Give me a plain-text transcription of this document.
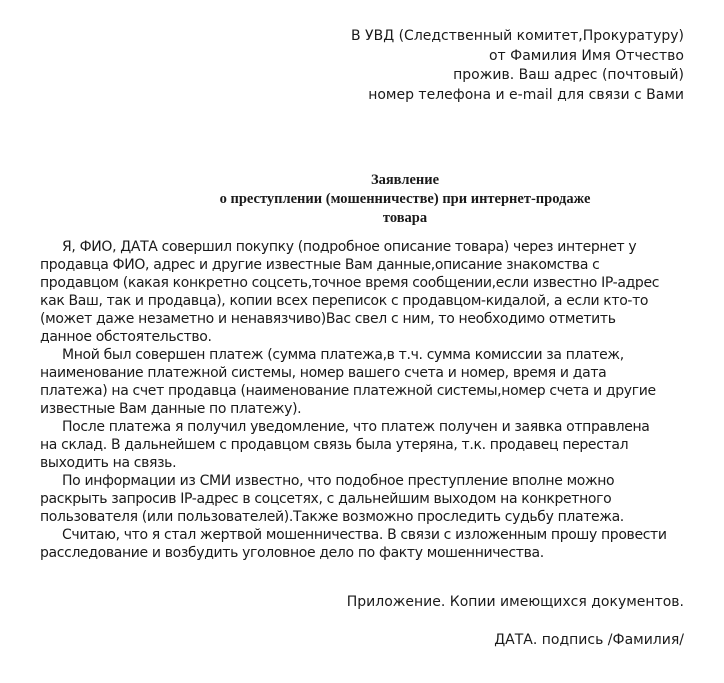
В УВД (Следственный комитет,Прокуратуру)
от Фамилия Имя Отчество
прожив. Ваш адрес (почтовый)
номер телефона и e-mail для связи с Вами
Заявление
о преступлении (мошенничестве) при интернет-продаже товара
Я, ФИО, ДАТА совершил покупку (подробное описание товара) через интернет у
продавца ФИО, адрес и другие известные Вам данные,описание знакомства с
продавцом (какая конкретно соцсеть,точное время сообщении,если известно IP-адрес
как Ваш, так и продавца), копии всех переписок с продавцом-кидалой, а если кто-то
(может даже незаметно и ненавязчиво)Вас свел с ним, то необходимо отметить
данное обстоятельство.
Мной был совершен платеж (сумма платежа,в т.ч. сумма комиссии за платеж,
наименование платежной системы, номер вашего счета и номер, время и дата
платежа) на счет продавца (наименование платежной системы,номер счета и другие
известные Вам данные по платежу).
После платежа я получил уведомление, что платеж получен и заявка отправлена
на склад. В дальнейшем с продавцом связь была утеряна, т.к. продавец перестал
выходить на связь.
По информации из СМИ известно, что подобное преступление вполне можно
раскрыть запросив IP-адрес в соцсетях, с дальнейшим выходом на конкретного
пользователя (или пользователей).Также возможно проследить судьбу платежа.
Считаю, что я стал жертвой мошенничества. В связи с изложенным прошу провести
расследование и возбудить уголовное дело по факту мошенничества.
Приложение. Копии имеющихся документов.
ДАТА. подпись /Фамилия/
